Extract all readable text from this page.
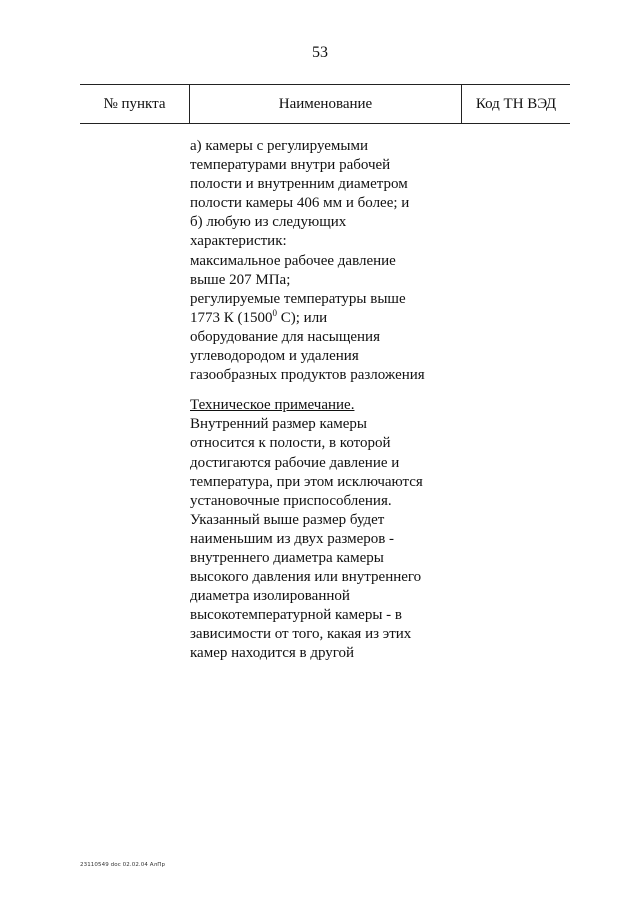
53
№ пункта	Наименование	Код ТН ВЭД
а) камеры с регулируемыми
температурами внутри рабочей
полости и внутренним диаметром
полости камеры 406 мм и более; и
б) любую из следующих
характеристик:
максимальное рабочее давление
выше 207 МПа;
регулируемые температуры выше
1773 К (1500$^0$ С); или
оборудование для насыщения
углеводородом и удаления
газообразных продуктов разложения
Техническое примечание.
Внутренний размер камеры
относится к полости, в которой
достигаются рабочие давление и
температура, при этом исключаются
установочные приспособления.
Указанный выше размер будет
наименьшим из двух размеров -
внутреннего диаметра камеры
высокого давления или внутреннего
диаметра изолированной
высокотемпературной камеры - в
зависимости от того, какая из этих
камер находится в другой
23110549 doc 02.02.04 АлПр
